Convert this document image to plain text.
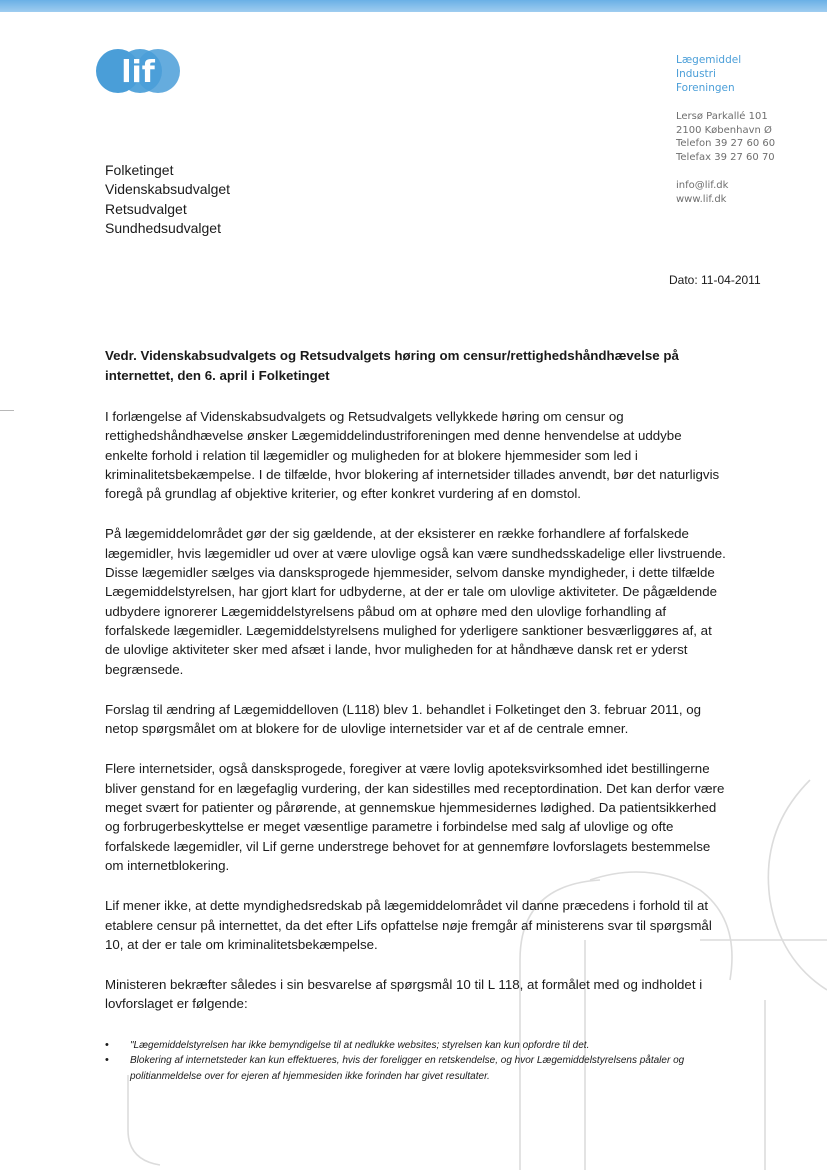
lif	Lægemiddel
Industri
Foreningen
Lersø Parkallé 101
2100 København Ø
Telefon 39 27 60 60
Telefax 39 27 60 70
info@lif.dk
www.lif.dk
Folketinget
Videnskabsudvalget
Retsudvalget
Sundhedsudvalget
Dato: 11-04-2011
Vedr. Videnskabsudvalgets og Retsudvalgets høring om censur/rettighedshåndhævelse på internettet, den 6. april i Folketinget

I forlængelse af Videnskabsudvalgets og Retsudvalgets vellykkede høring om censur og rettighedshåndhævelse ønsker Lægemiddelindustriforeningen med denne henvendelse at uddybe enkelte forhold i relation til lægemidler og muligheden for at blokere hjemmesider som led i kriminalitetsbekæmpelse. I de tilfælde, hvor blokering af internetsider tillades anvendt, bør det naturligvis foregå på grundlag af objektive kriterier, og efter konkret vurdering af en domstol.

På lægemiddelområdet gør der sig gældende, at der eksisterer en række forhandlere af forfalskede lægemidler, hvis lægemidler ud over at være ulovlige også kan være sundhedsskadelige eller livstruende. Disse lægemidler sælges via dansksprogede hjemmesider, selvom danske myndigheder, i dette tilfælde Lægemiddelstyrelsen, har gjort klart for udbyderne, at der er tale om ulovlige aktiviteter. De pågældende udbydere ignorerer Lægemiddelstyrelsens påbud om at ophøre med den ulovlige forhandling af forfalskede lægemidler. Lægemiddelstyrelsens mulighed for yderligere sanktioner besværliggøres af, at de ulovlige aktiviteter sker med afsæt i lande, hvor muligheden for at håndhæve dansk ret er yderst begrænsede.

Forslag til ændring af Lægemiddelloven (L118) blev 1. behandlet i Folketinget den 3. februar 2011, og netop spørgsmålet om at blokere for de ulovlige internetsider var et af de centrale emner.

Flere internetsider, også dansksprogede, foregiver at være lovlig apoteksvirksomhed idet bestillingerne bliver genstand for en lægefaglig vurdering, der kan sidestilles med receptordination. Det kan derfor være meget svært for patienter og pårørende, at gennemskue hjemmesidernes lødighed. Da patientsikkerhed og forbrugerbeskyttelse er meget væsentlige parametre i forbindelse med salg af ulovlige og ofte forfalskede lægemidler, vil Lif gerne understrege behovet for at gennemføre lovforslagets bestemmelse om internetblokering.

Lif mener ikke, at dette myndighedsredskab på lægemiddelområdet vil danne præcedens i forhold til at etablere censur på internettet, da det efter Lifs opfattelse nøje fremgår af ministerens svar til spørgsmål 10, at der er tale om kriminalitetsbekæmpelse.

Ministeren bekræfter således i sin besvarelse af spørgsmål 10 til L 118, at formålet med og indholdet i lovforslaget er følgende:

• "Lægemiddelstyrelsen har ikke bemyndigelse til at nedlukke websites; styrelsen kan kun opfordre til det.
• Blokering af internetsteder kan kun effektueres, hvis der foreligger en retskendelse, og hvor Lægemiddelstyrelsens påtaler og politianmeldelse over for ejeren af hjemmesiden ikke forinden har givet resultater.
